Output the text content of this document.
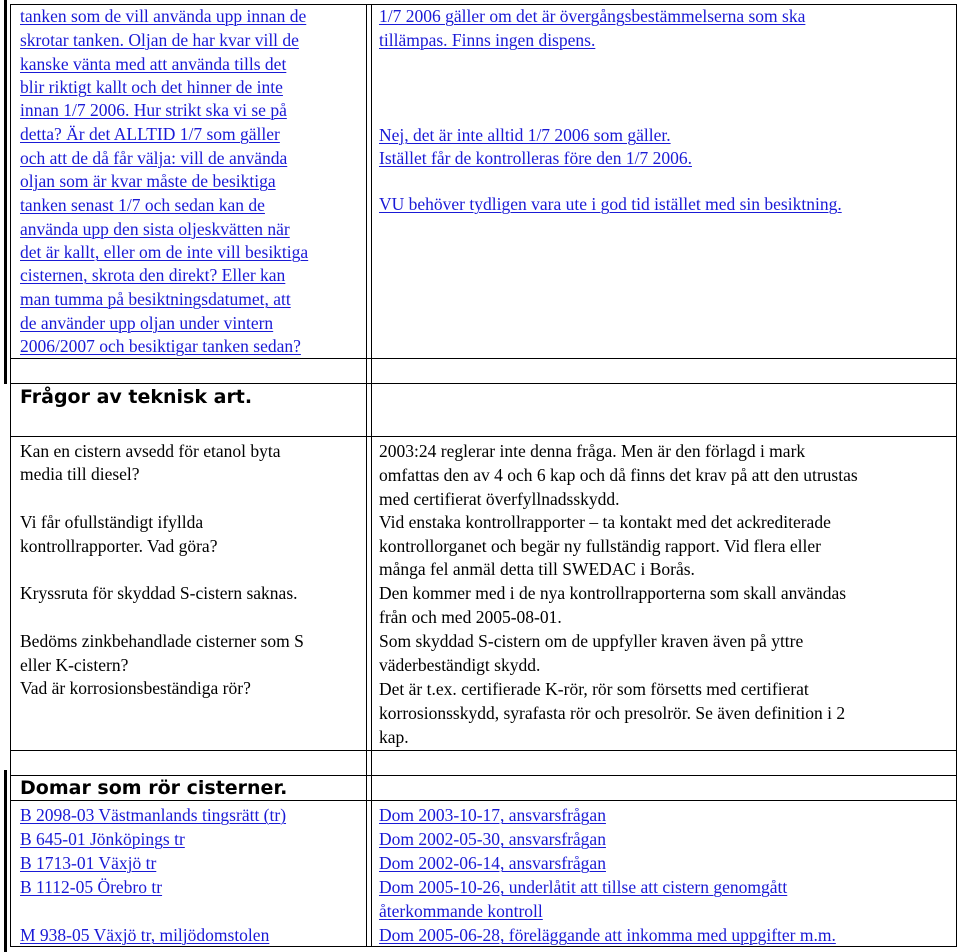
tanken som de vill använda upp innan de
skrotar tanken. Oljan de har kvar vill de
kanske vänta med att använda tills det
blir riktigt kallt och det hinner de inte
innan 1/7 2006. Hur strikt ska vi se på
detta? Är det ALLTID 1/7 som gäller
och att de då får välja: vill de använda
oljan som är kvar måste de besiktiga
tanken senast 1/7 och sedan kan de
använda upp den sista oljeskvätten när
det är kallt, eller om de inte vill besiktiga
cisternen, skrota den direkt? Eller kan
man tumma på besiktningsdatumet, att
de använder upp oljan under vintern
2006/2007 och besiktigar tanken sedan?
1/7 2006 gäller om det är övergångsbestämmelserna som ska
tillämpas. Finns ingen dispens.
Nej, det är inte alltid 1/7 2006 som gäller.
Istället får de kontrolleras före den 1/7 2006.
VU behöver tydligen vara ute i god tid istället med sin besiktning.
Frågor av teknisk art.
Kan en cistern avsedd för etanol byta
media till diesel?
Vi får ofullständigt ifyllda
kontrollrapporter. Vad göra?
Kryssruta för skyddad S-cistern saknas.
Bedöms zinkbehandlade cisterner som S
eller K-cistern?
Vad är korrosionsbeständiga rör?
2003:24 reglerar inte denna fråga. Men är den förlagd i mark
omfattas den av 4 och 6 kap och då finns det krav på att den utrustas
med certifierat överfyllnadsskydd.
Vid enstaka kontrollrapporter – ta kontakt med det ackrediterade
kontrollorganet och begär ny fullständig rapport. Vid flera eller
många fel anmäl detta till SWEDAC i Borås.
Den kommer med i de nya kontrollrapporterna som skall användas
från och med 2005-08-01.
Som skyddad S-cistern om de uppfyller kraven även på yttre
väderbeständigt skydd.
Det är t.ex. certifierade K-rör, rör som försetts med certifierat
korrosionsskydd, syrafasta rör och presolrör. Se även definition i 2
kap.
Domar som rör cisterner.
B 2098-03 Västmanlands tingsrätt (tr)
B 645-01 Jönköpings tr
B 1713-01 Växjö tr
B 1112-05 Örebro tr
M 938-05 Växjö tr, miljödomstolen
Dom 2003-10-17, ansvarsfrågan
Dom 2002-05-30, ansvarsfrågan
Dom 2002-06-14, ansvarsfrågan
Dom 2005-10-26, underlåtit att tillse att cistern genomgått
återkommande kontroll
Dom 2005-06-28, föreläggande att inkomma med uppgifter m.m.
